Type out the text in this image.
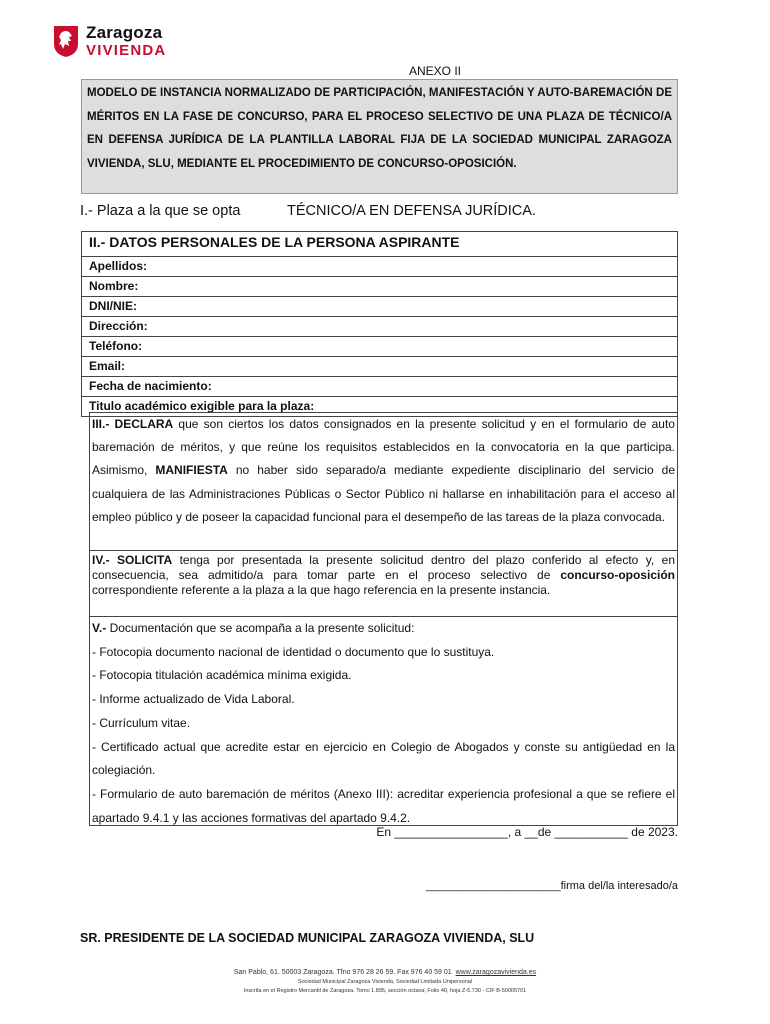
Zaragoza
VIVIENDA
ANEXO II
MODELO DE INSTANCIA NORMALIZADO DE PARTICIPACIÓN, MANIFESTACIÓN Y AUTO-BAREMACIÓN DE MÉRITOS EN LA FASE DE CONCURSO, PARA EL PROCESO SELECTIVO DE UNA PLAZA DE TÉCNICO/A EN DEFENSA JURÍDICA DE LA PLANTILLA LABORAL FIJA DE LA SOCIEDAD MUNICIPAL ZARAGOZA VIVIENDA, SLU, MEDIANTE EL PROCEDIMIENTO DE CONCURSO-OPOSICIÓN.
I.- Plaza a la que se opta	TÉCNICO/A EN DEFENSA JURÍDICA.
II.- DATOS PERSONALES DE LA PERSONA ASPIRANTE
Apellidos:
Nombre:
DNI/NIE:
Dirección:
Teléfono:
Email:
Fecha de nacimiento:
Titulo académico exigible para la plaza:
III.- DECLARA que son ciertos los datos consignados en la presente solicitud y en el formulario de auto baremación de méritos, y que reúne los requisitos establecidos en la convocatoria en la que participa. Asimismo, MANIFIESTA no haber sido separado/a mediante expediente disciplinario del servicio de cualquiera de las Administraciones Públicas o Sector Público ni hallarse en inhabilitación para el acceso al empleo público y de poseer la capacidad funcional para el desempeño de las tareas de la plaza convocada.
IV.- SOLICITA tenga por presentada la presente solicitud dentro del plazo conferido al efecto y, en consecuencia, sea admitido/a para tomar parte en el proceso selectivo de concurso-oposición correspondiente referente a la plaza a la que hago referencia en la presente instancia.
V.- Documentación que se acompaña a la presente solicitud:
- Fotocopia documento nacional de identidad o documento que lo sustituya.
- Fotocopia titulación académica mínima exigida.
- Informe actualizado de Vida Laboral.
- Currículum vitae.
- Certificado actual que acredite estar en ejercicio en Colegio de Abogados y conste su antigüedad en la colegiación.
- Formulario de auto baremación de méritos (Anexo III): acreditar experiencia profesional a que se refiere el apartado 9.4.1 y las acciones formativas del apartado 9.4.2.
En _________________, a __de ___________ de 2023.
______________________firma del/la interesado/a
SR. PRESIDENTE DE LA SOCIEDAD MUNICIPAL ZARAGOZA VIVIENDA, SLU
San Pablo, 61. 50003 Zaragoza. Tfno 976 28 26 59. Fax 976 40 59 01 www.zaragozavivienda.es
Sociedad Municipal Zaragoza Vivienda, Sociedad Limitada Unipersonal
Inscrita en el Registro Mercantil de Zaragoza. Tomo 1.895, sección octava, Folio 40, hoja Z-5.730 - CIF B-50005701
